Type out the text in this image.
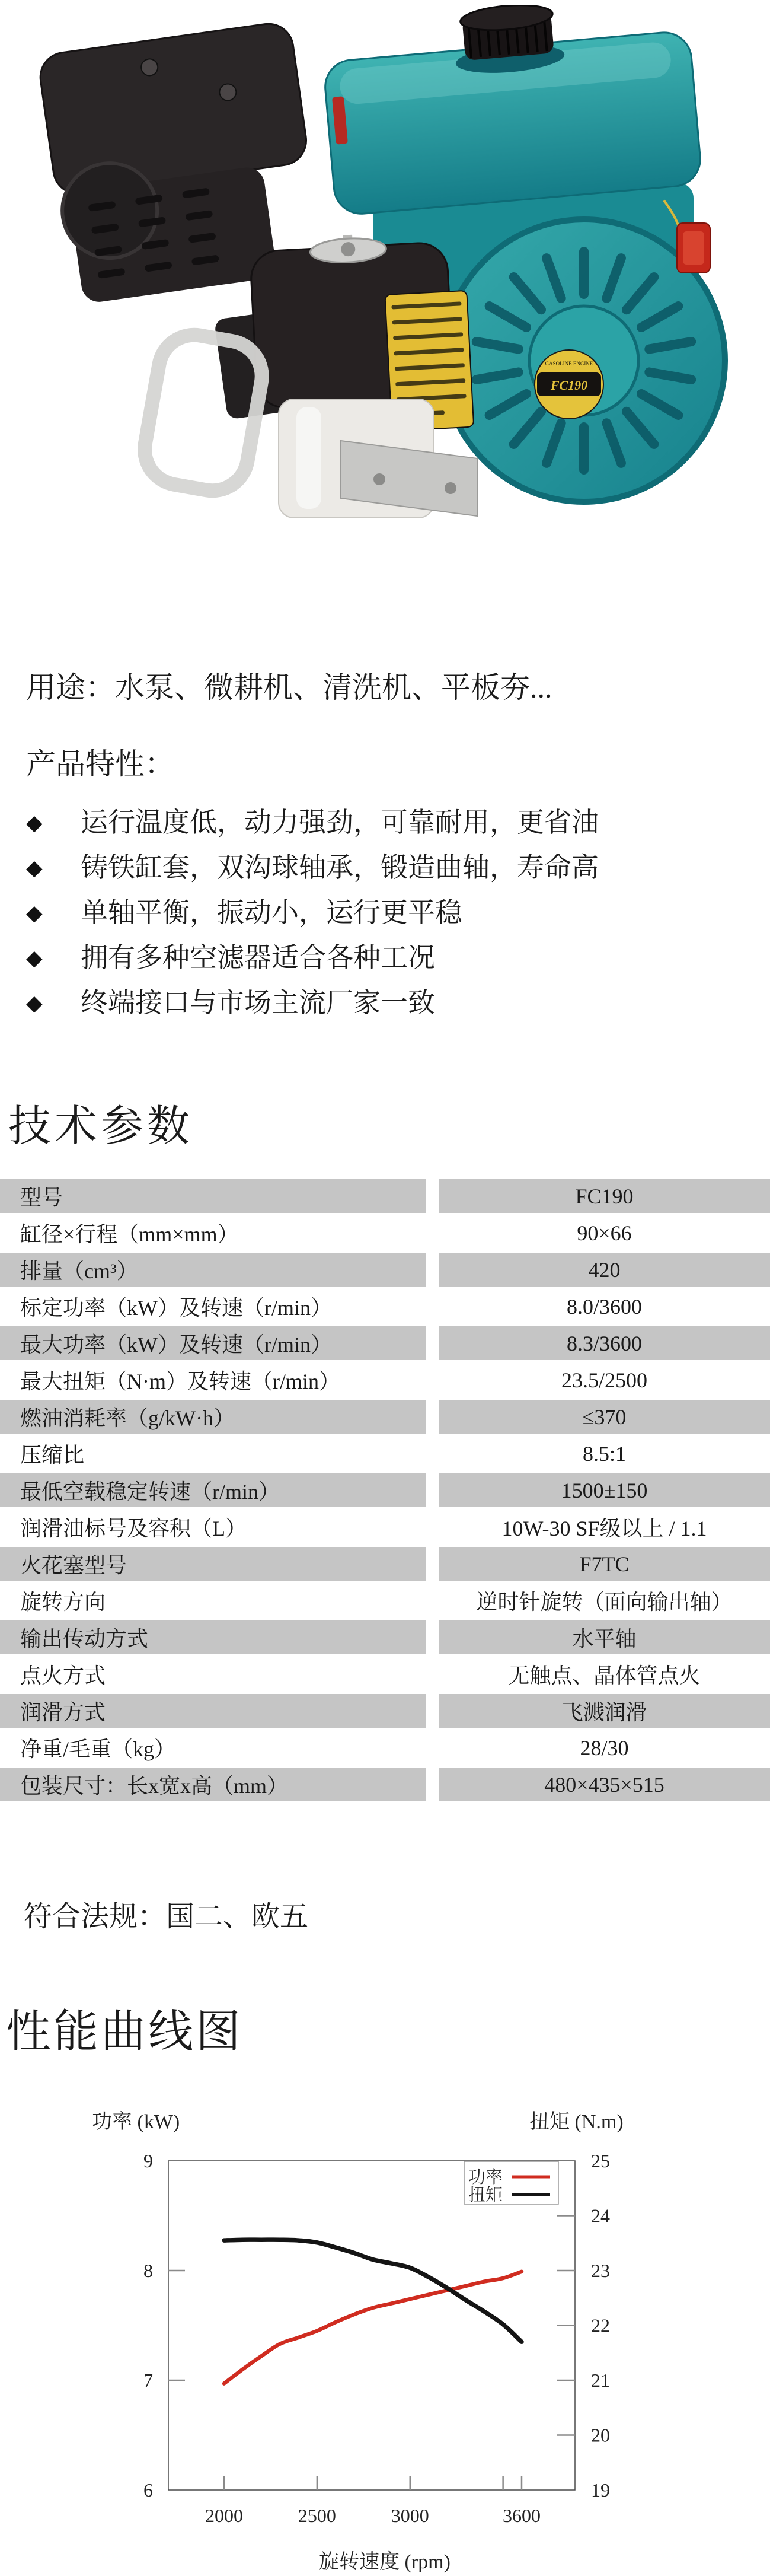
GASOLINE ENGINE
FC190
用途：水泵、微耕机、清洗机、平板夯...
产品特性：
◆	运行温度低，动力强劲，可靠耐用，更省油
◆	铸铁缸套，双沟球轴承，锻造曲轴，寿命高
◆	单轴平衡，振动小，运行更平稳
◆	拥有多种空滤器适合各种工况
◆	终端接口与市场主流厂家一致
技术参数
型号	FC190
缸径×行程（mm×mm）	90×66
排量（cm³）	420
标定功率（kW）及转速（r/min）	8.0/3600
最大功率（kW）及转速（r/min）	8.3/3600
最大扭矩（N·m）及转速（r/min）	23.5/2500
燃油消耗率（g/kW·h）	≤370
压缩比	8.5:1
最低空载稳定转速（r/min）	1500±150
润滑油标号及容积（L）	10W-30 SF级以上 / 1.1
火花塞型号	F7TC
旋转方向	逆时针旋转（面向输出轴）
输出传动方式	水平轴
点火方式	无触点、晶体管点火
润滑方式	飞溅润滑
净重/毛重（kg）	28/30
包装尺寸：长x宽x高（mm）	480×435×515
符合法规：国二、欧五
性能曲线图
功率 (kW)	扭矩 (N.m)
9
8
7
6
25
24
23
22
21
20
19
2000	2500	3000	3600
功率
扭矩
旋转速度 (rpm)
